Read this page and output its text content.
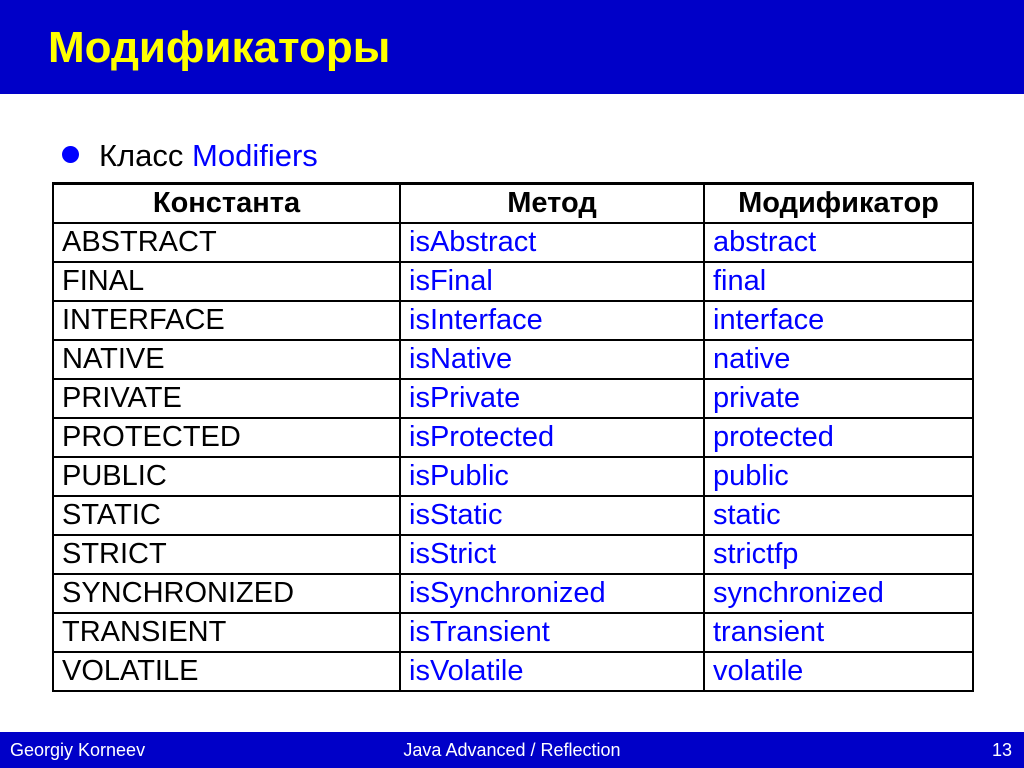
Модификаторы
Класс Modifiers
Константа	Метод	Модификатор
ABSTRACT	isAbstract	abstract
FINAL	isFinal	final
INTERFACE	isInterface	interface
NATIVE	isNative	native
PRIVATE	isPrivate	private
PROTECTED	isProtected	protected
PUBLIC	isPublic	public
STATIC	isStatic	static
STRICT	isStrict	strictfp
SYNCHRONIZED	isSynchronized	synchronized
TRANSIENT	isTransient	transient
VOLATILE	isVolatile	volatile
Georgiy Korneev	Java Advanced / Reflection	13
